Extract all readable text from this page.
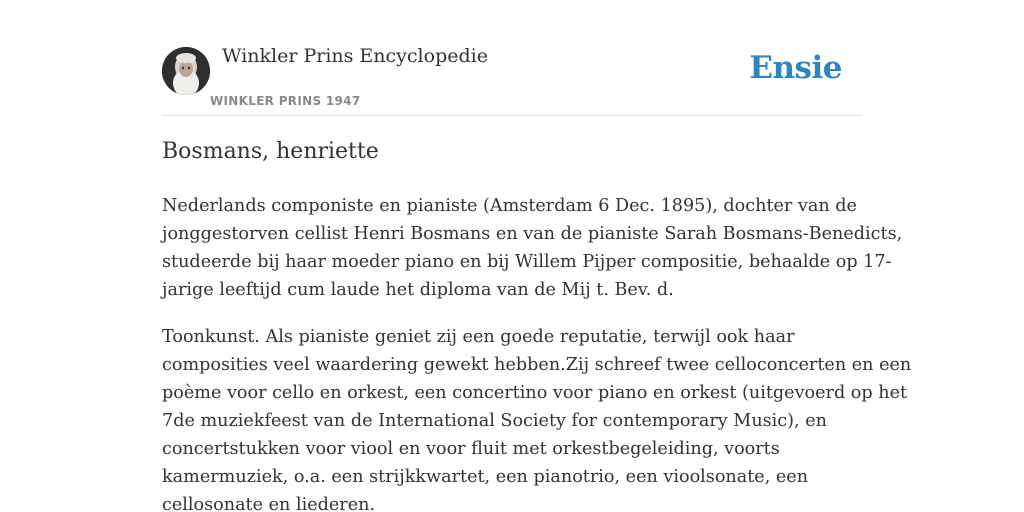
Winkler Prins Encyclopedie
WINKLER PRINS 1947
Ensie
Bosmans, henriette
Nederlands componiste en pianiste (Amsterdam 6 Dec. 1895), dochter van de
jonggestorven cellist Henri Bosmans en van de pianiste Sarah Bosmans-Benedicts,
studeerde bij haar moeder piano en bij Willem Pijper compositie, behaalde op 17-
jarige leeftijd cum laude het diploma van de Mij t. Bev. d.
Toonkunst. Als pianiste geniet zij een goede reputatie, terwijl ook haar
composities veel waardering gewekt hebben.Zij schreef twee celloconcerten en een
poème voor cello en orkest, een concertino voor piano en orkest (uitgevoerd op het
7de muziekfeest van de International Society for contemporary Music), en
concertstukken voor viool en voor fluit met orkestbegeleiding, voorts
kamermuziek, o.a. een strijkkwartet, een pianotrio, een vioolsonate, een
cellosonate en liederen.
